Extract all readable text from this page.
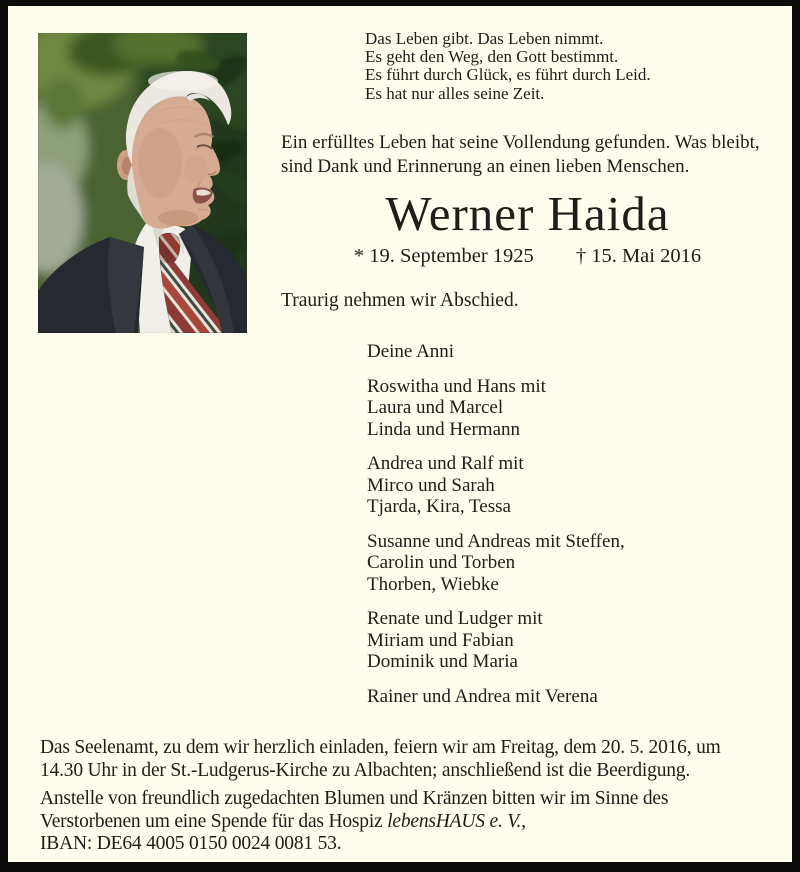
Das Leben gibt. Das Leben nimmt.
Es geht den Weg, den Gott bestimmt.
Es führt durch Glück, es führt durch Leid.
Es hat nur alles seine Zeit.
Ein erfülltes Leben hat seine Vollendung gefunden. Was bleibt,
sind Dank und Erinnerung an einen lieben Menschen.
Werner Haida
* 19. September 1925 † 15. Mai 2016
Traurig nehmen wir Abschied.
Deine Anni
Roswitha und Hans mit
Laura und Marcel
Linda und Hermann
Andrea und Ralf mit
Mirco und Sarah
Tjarda, Kira, Tessa
Susanne und Andreas mit Steffen,
Carolin und Torben
Thorben, Wiebke
Renate und Ludger mit
Miriam und Fabian
Dominik und Maria
Rainer und Andrea mit Verena
Das Seelenamt, zu dem wir herzlich einladen, feiern wir am Freitag, dem 20. 5. 2016, um
14.30 Uhr in der St.-Ludgerus-Kirche zu Albachten; anschließend ist die Beerdigung.
Anstelle von freundlich zugedachten Blumen und Kränzen bitten wir im Sinne des
Verstorbenen um eine Spende für das Hospiz lebensHAUS e. V.,
IBAN: DE64 4005 0150 0024 0081 53.
